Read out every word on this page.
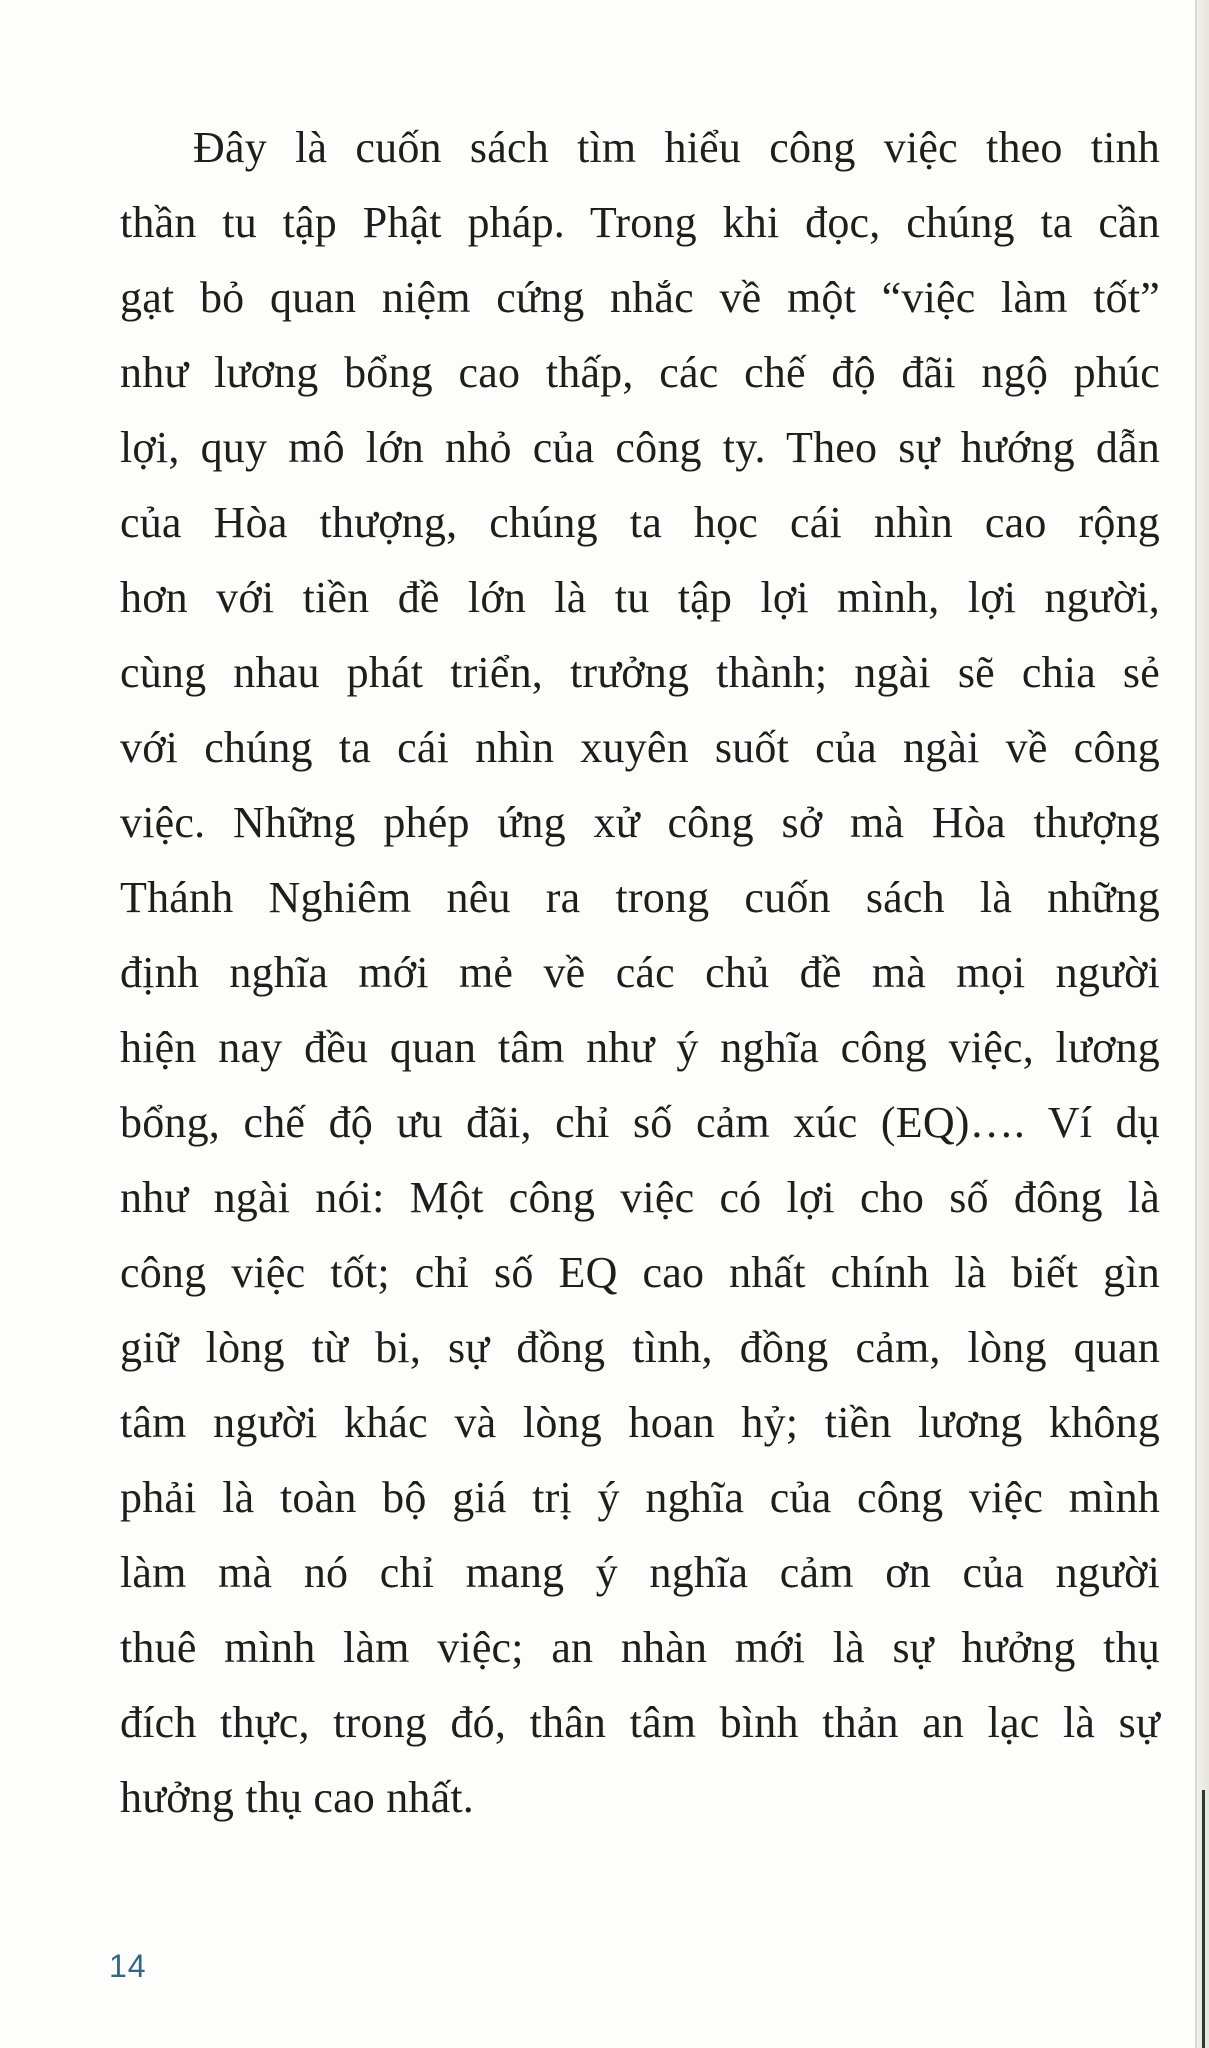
Đây là cuốn sách tìm hiểu công việc theo tinh
thần tu tập Phật pháp. Trong khi đọc, chúng ta cần
gạt bỏ quan niệm cứng nhắc về một “việc làm tốt”
như lương bổng cao thấp, các chế độ đãi ngộ phúc
lợi, quy mô lớn nhỏ của công ty. Theo sự hướng dẫn
của Hòa thượng, chúng ta học cái nhìn cao rộng
hơn với tiền đề lớn là tu tập lợi mình, lợi người,
cùng nhau phát triển, trưởng thành; ngài sẽ chia sẻ
với chúng ta cái nhìn xuyên suốt của ngài về công
việc. Những phép ứng xử công sở mà Hòa thượng
Thánh Nghiêm nêu ra trong cuốn sách là những
định nghĩa mới mẻ về các chủ đề mà mọi người
hiện nay đều quan tâm như ý nghĩa công việc, lương
bổng, chế độ ưu đãi, chỉ số cảm xúc (EQ)…. Ví dụ
như ngài nói: Một công việc có lợi cho số đông là
công việc tốt; chỉ số EQ cao nhất chính là biết gìn
giữ lòng từ bi, sự đồng tình, đồng cảm, lòng quan
tâm người khác và lòng hoan hỷ; tiền lương không
phải là toàn bộ giá trị ý nghĩa của công việc mình
làm mà nó chỉ mang ý nghĩa cảm ơn của người
thuê mình làm việc; an nhàn mới là sự hưởng thụ
đích thực, trong đó, thân tâm bình thản an lạc là sự
hưởng thụ cao nhất.
14
